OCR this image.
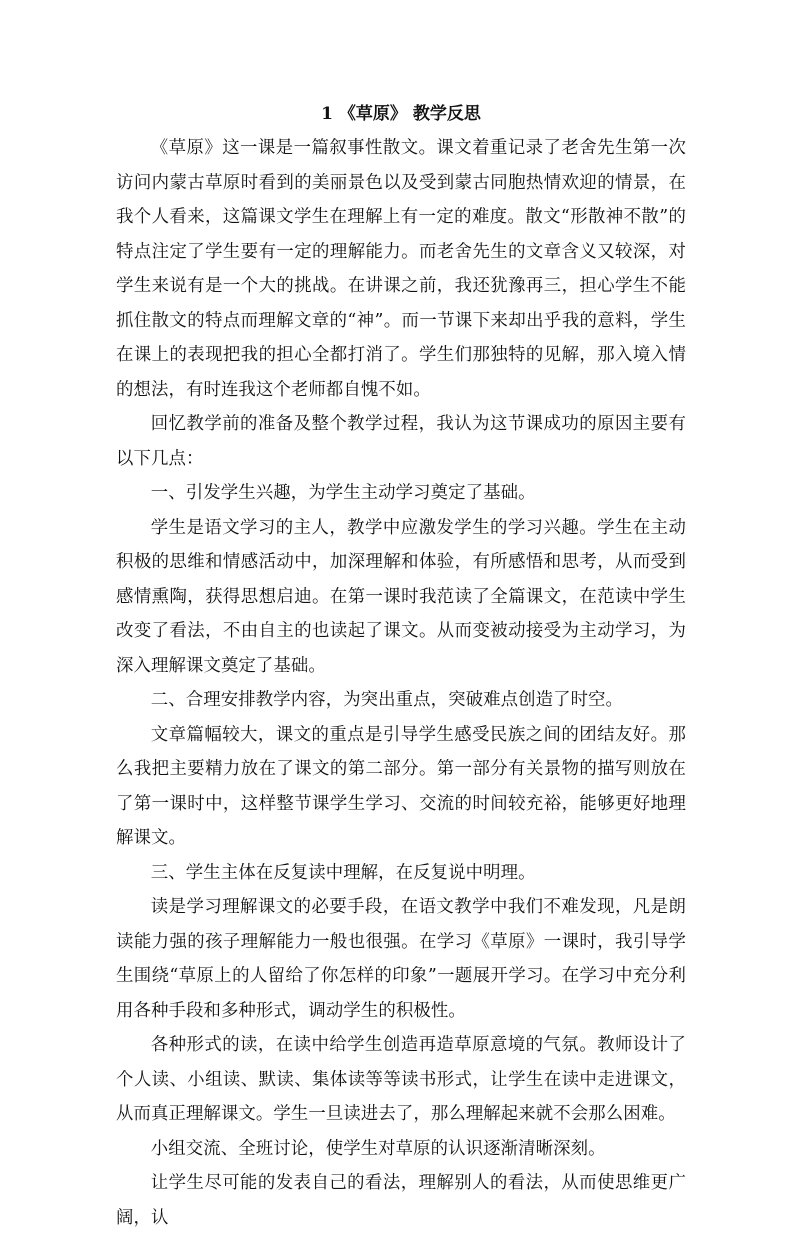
1 《草原》 教学反思

《草原》这一课是一篇叙事性散文。课文着重记录了老舍先生第一次访问内蒙古草原时看到的美丽景色以及受到蒙古同胞热情欢迎的情景，在我个人看来，这篇课文学生在理解上有一定的难度。散文“形散神不散”的特点注定了学生要有一定的理解能力。而老舍先生的文章含义又较深，对学生来说有是一个大的挑战。在讲课之前，我还犹豫再三，担心学生不能抓住散文的特点而理解文章的“神”。而一节课下来却出乎我的意料，学生在课上的表现把我的担心全都打消了。学生们那独特的见解，那入境入情的想法，有时连我这个老师都自愧不如。

回忆教学前的准备及整个教学过程，我认为这节课成功的原因主要有以下几点：

一、引发学生兴趣，为学生主动学习奠定了基础。

学生是语文学习的主人，教学中应激发学生的学习兴趣。学生在主动积极的思维和情感活动中，加深理解和体验，有所感悟和思考，从而受到感情熏陶，获得思想启迪。在第一课时我范读了全篇课文，在范读中学生改变了看法，不由自主的也读起了课文。从而变被动接受为主动学习，为深入理解课文奠定了基础。

二、合理安排教学内容，为突出重点，突破难点创造了时空。

文章篇幅较大，课文的重点是引导学生感受民族之间的团结友好。那么我把主要精力放在了课文的第二部分。第一部分有关景物的描写则放在了第一课时中，这样整节课学生学习、交流的时间较充裕，能够更好地理解课文。

三、学生主体在反复读中理解，在反复说中明理。

读是学习理解课文的必要手段，在语文教学中我们不难发现，凡是朗读能力强的孩子理解能力一般也很强。在学习《草原》一课时，我引导学生围绕“草原上的人留给了你怎样的印象”一题展开学习。在学习中充分利用各种手段和多种形式，调动学生的积极性。

各种形式的读，在读中给学生创造再造草原意境的气氛。教师设计了个人读、小组读、默读、集体读等等读书形式，让学生在读中走进课文，从而真正理解课文。学生一旦读进去了，那么理解起来就不会那么困难。

小组交流、全班讨论，使学生对草原的认识逐渐清晰深刻。

让学生尽可能的发表自己的看法，理解别人的看法，从而使思维更广阔，认
